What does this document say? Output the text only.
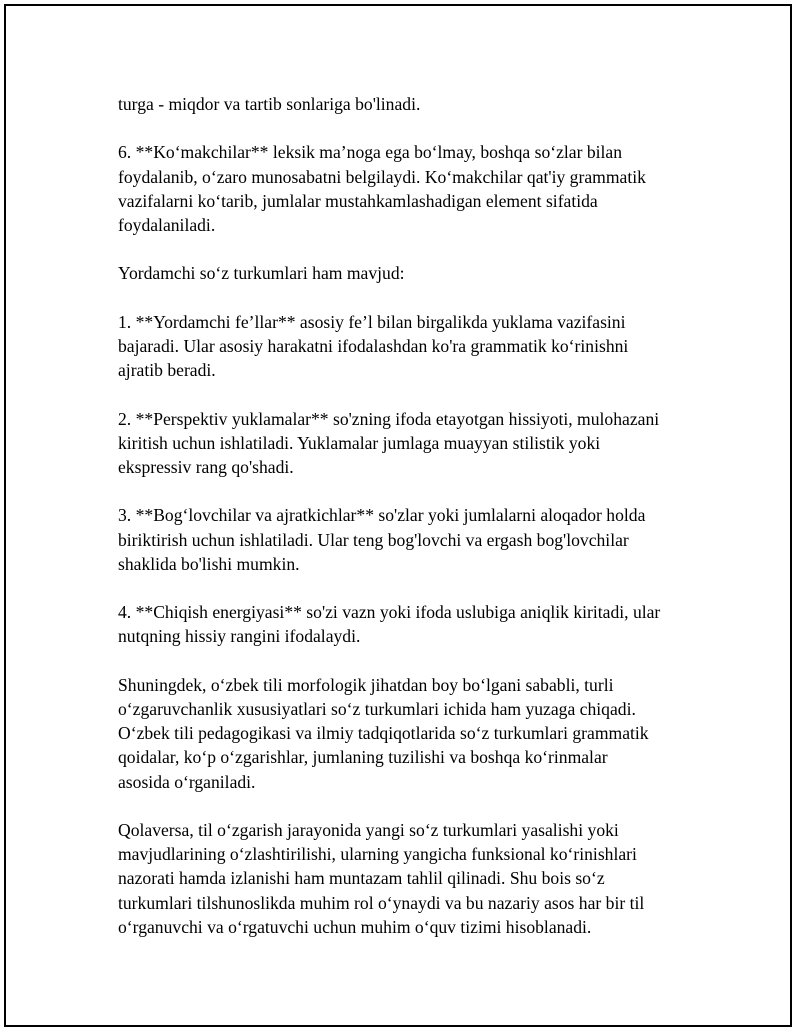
turga - miqdor va tartib sonlariga bo'linadi.

6. **Ko‘makchilar** leksik ma’noga ega bo‘lmay, boshqa so‘zlar bilan
foydalanib, o‘zaro munosabatni belgilaydi. Ko‘makchilar qat'iy grammatik
vazifalarni ko‘tarib, jumlalar mustahkamlashadigan element sifatida
foydalaniladi.

Yordamchi so‘z turkumlari ham mavjud:

1. **Yordamchi fe’llar** asosiy fe’l bilan birgalikda yuklama vazifasini
bajaradi. Ular asosiy harakatni ifodalashdan ko'ra grammatik ko‘rinishni
ajratib beradi.

2. **Perspektiv yuklamalar** so'zning ifoda etayotgan hissiyoti, mulohazani
kiritish uchun ishlatiladi. Yuklamalar jumlaga muayyan stilistik yoki
ekspressiv rang qo'shadi.

3. **Bog‘lovchilar va ajratkichlar** so'zlar yoki jumlalarni aloqador holda
biriktirish uchun ishlatiladi. Ular teng bog'lovchi va ergash bog'lovchilar
shaklida bo'lishi mumkin.

4. **Chiqish energiyasi** so'zi vazn yoki ifoda uslubiga aniqlik kiritadi, ular
nutqning hissiy rangini ifodalaydi.

Shuningdek, o‘zbek tili morfologik jihatdan boy bo‘lgani sababli, turli
o‘zgaruvchanlik xususiyatlari so‘z turkumlari ichida ham yuzaga chiqadi.
O‘zbek tili pedagogikasi va ilmiy tadqiqotlarida so‘z turkumlari grammatik
qoidalar, ko‘p o‘zgarishlar, jumlaning tuzilishi va boshqa ko‘rinmalar
asosida o‘rganiladi.

Qolaversa, til o‘zgarish jarayonida yangi so‘z turkumlari yasalishi yoki
mavjudlarining o‘zlashtirilishi, ularning yangicha funksional ko‘rinishlari
nazorati hamda izlanishi ham muntazam tahlil qilinadi. Shu bois so‘z
turkumlari tilshunoslikda muhim rol o‘ynaydi va bu nazariy asos har bir til
o‘rganuvchi va o‘rgatuvchi uchun muhim o‘quv tizimi hisoblanadi.
